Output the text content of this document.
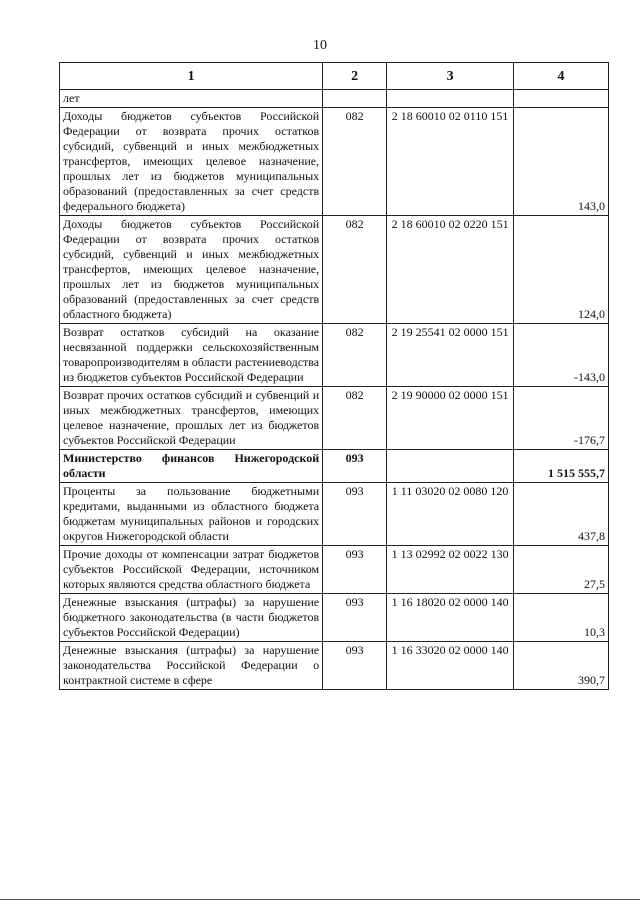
10
1	2	3	4
лет			
Доходы бюджетов субъектов Российской Федерации от возврата прочих остатков субсидий, субвенций и иных межбюджетных трансфертов, имеющих целевое назначение, прошлых лет из бюджетов муниципальных образований (предоставленных за счет средств федерального бюджета)	082	2 18 60010 02 0110 151	143,0
Доходы бюджетов субъектов Российской Федерации от возврата прочих остатков субсидий, субвенций и иных межбюджетных трансфертов, имеющих целевое назначение, прошлых лет из бюджетов муниципальных образований (предоставленных за счет средств областного бюджета)	082	2 18 60010 02 0220 151	124,0
Возврат остатков субсидий на оказание несвязанной поддержки сельскохозяйственным товаропроизводителям в области растениеводства из бюджетов субъектов Российской Федерации	082	2 19 25541 02 0000 151	-143,0
Возврат прочих остатков субсидий и субвенций и иных межбюджетных трансфертов, имеющих целевое назначение, прошлых лет из бюджетов субъектов Российской Федерации	082	2 19 90000 02 0000 151	-176,7
Министерство финансов Нижегородской области	093		1 515 555,7
Проценты за пользование бюджетными кредитами, выданными из областного бюджета бюджетам муниципальных районов и городских округов Нижегородской области	093	1 11 03020 02 0080 120	437,8
Прочие доходы от компенсации затрат бюджетов субъектов Российской Федерации, источником которых являются средства областного бюджета	093	1 13 02992 02 0022 130	27,5
Денежные взыскания (штрафы) за нарушение бюджетного законодательства (в части бюджетов субъектов Российской Федерации)	093	1 16 18020 02 0000 140	10,3
Денежные взыскания (штрафы) за нарушение законодательства Российской Федерации о контрактной системе в сфере	093	1 16 33020 02 0000 140	390,7
